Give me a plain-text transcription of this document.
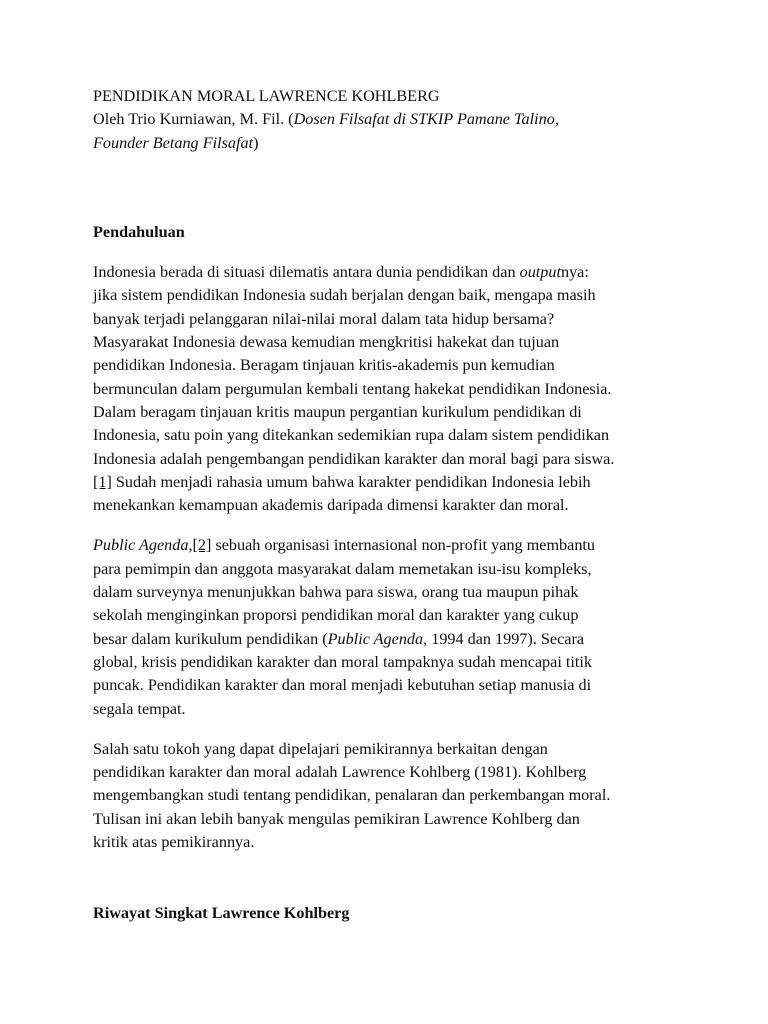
PENDIDIKAN MORAL LAWRENCE KOHLBERG

Oleh Trio Kurniawan, M. Fil. (Dosen Filsafat di STKIP Pamane Talino,

Founder Betang Filsafat)

Pendahuluan

Indonesia berada di situasi dilematis antara dunia pendidikan dan outputnya:
jika sistem pendidikan Indonesia sudah berjalan dengan baik, mengapa masih
banyak terjadi pelanggaran nilai-nilai moral dalam tata hidup bersama?
Masyarakat Indonesia dewasa kemudian mengkritisi hakekat dan tujuan
pendidikan Indonesia. Beragam tinjauan kritis-akademis pun kemudian
bermunculan dalam pergumulan kembali tentang hakekat pendidikan Indonesia.
Dalam beragam tinjauan kritis maupun pergantian kurikulum pendidikan di
Indonesia, satu poin yang ditekankan sedemikian rupa dalam sistem pendidikan
Indonesia adalah pengembangan pendidikan karakter dan moral bagi para siswa.
[1] Sudah menjadi rahasia umum bahwa karakter pendidikan Indonesia lebih
menekankan kemampuan akademis daripada dimensi karakter dan moral.
Public Agenda,[2] sebuah organisasi internasional non-profit yang membantu
para pemimpin dan anggota masyarakat dalam memetakan isu-isu kompleks,
dalam surveynya menunjukkan bahwa para siswa, orang tua maupun pihak
sekolah menginginkan proporsi pendidikan moral dan karakter yang cukup
besar dalam kurikulum pendidikan (Public Agenda, 1994 dan 1997). Secara
global, krisis pendidikan karakter dan moral tampaknya sudah mencapai titik
puncak. Pendidikan karakter dan moral menjadi kebutuhan setiap manusia di
segala tempat.
Salah satu tokoh yang dapat dipelajari pemikirannya berkaitan dengan
pendidikan karakter dan moral adalah Lawrence Kohlberg (1981). Kohlberg
mengembangkan studi tentang pendidikan, penalaran dan perkembangan moral.
Tulisan ini akan lebih banyak mengulas pemikiran Lawrence Kohlberg dan
kritik atas pemikirannya.

Riwayat Singkat Lawrence Kohlberg
